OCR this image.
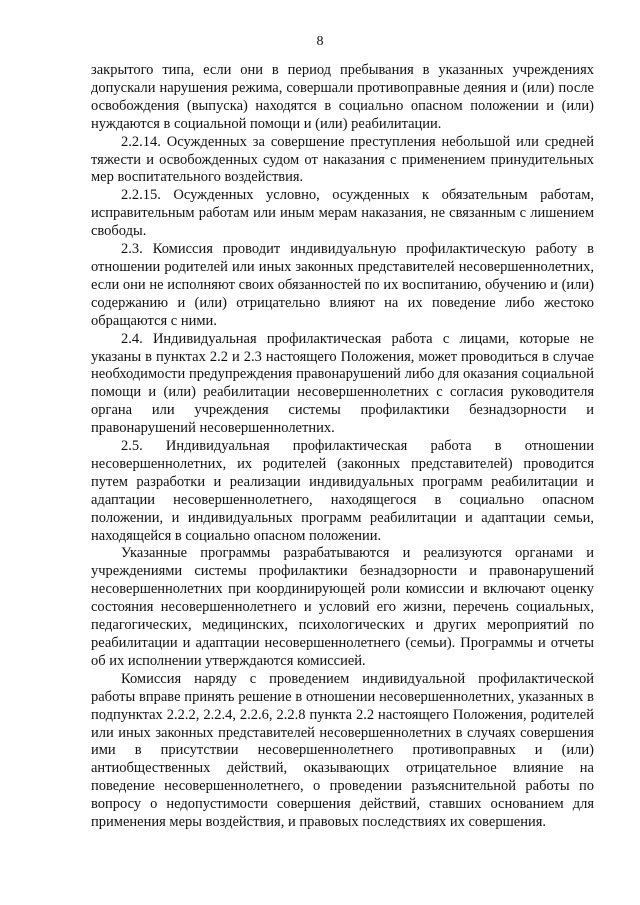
8

закрытого типа, если они в период пребывания в указанных учреждениях допускали нарушения режима, совершали противоправные деяния и (или) после освобождения (выпуска) находятся в социально опасном положении и (или) нуждаются в социальной помощи и (или) реабилитации.

2.2.14. Осужденных за совершение преступления небольшой или средней тяжести и освобожденных судом от наказания с применением принудительных мер воспитательного воздействия.

2.2.15. Осужденных условно, осужденных к обязательным работам, исправительным работам или иным мерам наказания, не связанным с лишением свободы.

2.3. Комиссия проводит индивидуальную профилактическую работу в отношении родителей или иных законных представителей несовершеннолетних, если они не исполняют своих обязанностей по их воспитанию, обучению и (или) содержанию и (или) отрицательно влияют на их поведение либо жестоко обращаются с ними.

2.4. Индивидуальная профилактическая работа с лицами, которые не указаны в пунктах 2.2 и 2.3 настоящего Положения, может проводиться в случае необходимости предупреждения правонарушений либо для оказания социальной помощи и (или) реабилитации несовершеннолетних с согласия руководителя органа или учреждения системы профилактики безнадзорности и правонарушений несовершеннолетних.

2.5. Индивидуальная профилактическая работа в отношении несовершеннолетних, их родителей (законных представителей) проводится путем разработки и реализации индивидуальных программ реабилитации и адаптации несовершеннолетнего, находящегося в социально опасном положении, и индивидуальных программ реабилитации и адаптации семьи, находящейся в социально опасном положении.

Указанные программы разрабатываются и реализуются органами и учреждениями системы профилактики безнадзорности и правонарушений несовершеннолетних при координирующей роли комиссии и включают оценку состояния несовершеннолетнего и условий его жизни, перечень социальных, педагогических, медицинских, психологических и других мероприятий по реабилитации и адаптации несовершеннолетнего (семьи). Программы и отчеты об их исполнении утверждаются комиссией.

Комиссия наряду с проведением индивидуальной профилактической работы вправе принять решение в отношении несовершеннолетних, указанных в подпунктах 2.2.2, 2.2.4, 2.2.6, 2.2.8 пункта 2.2 настоящего Положения, родителей или иных законных представителей несовершеннолетних в случаях совершения ими в присутствии несовершеннолетнего противоправных и (или) антиобщественных действий, оказывающих отрицательное влияние на поведение несовершеннолетнего, о проведении разъяснительной работы по вопросу о недопустимости совершения действий, ставших основанием для применения меры воздействия, и правовых последствиях их совершения.
